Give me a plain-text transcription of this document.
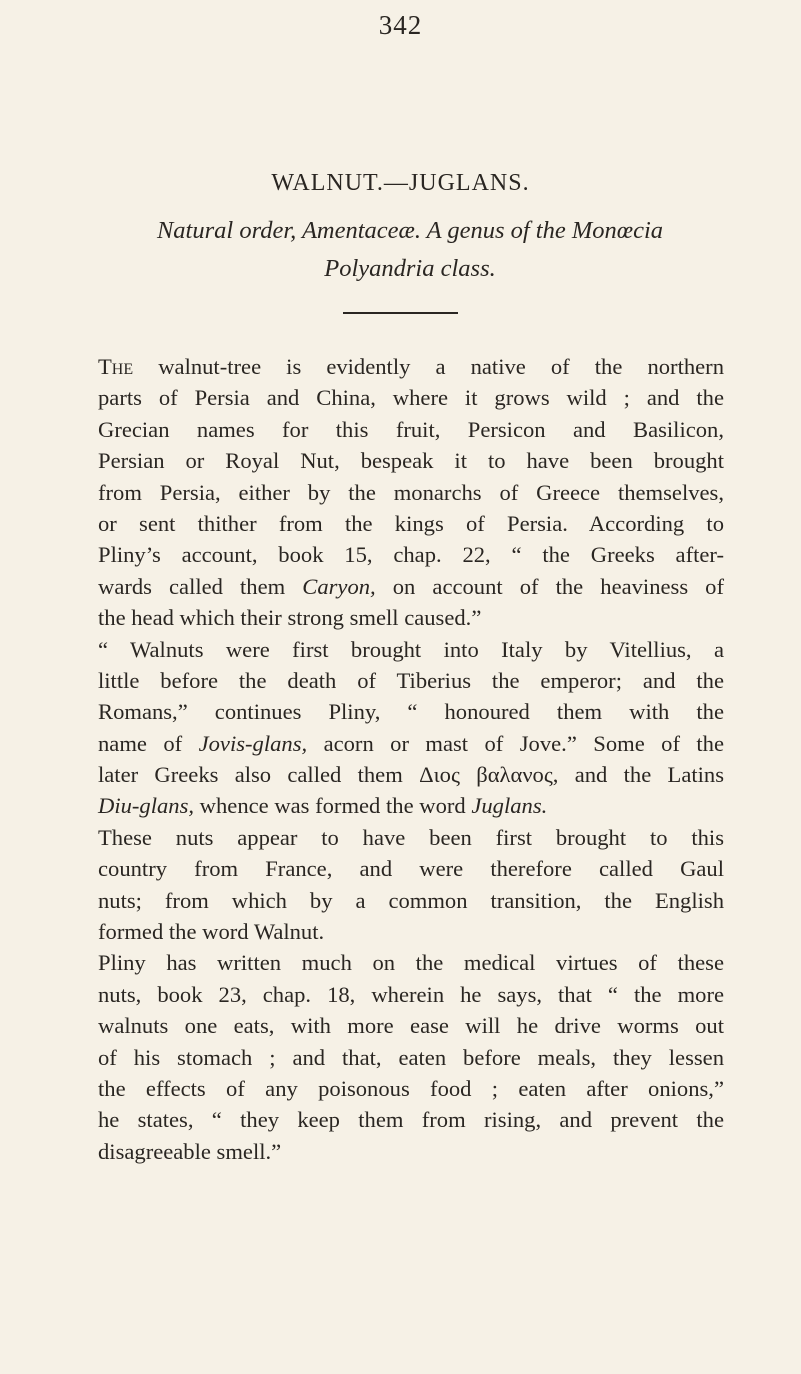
342
WALNUT.—JUGLANS.
Natural order, Amentaceæ. A genus of the Monœcia
Polyandria class.
The walnut-tree is evidently a native of the northern
parts of Persia and China, where it grows wild ; and the
Grecian names for this fruit, Persicon and Basilicon,
Persian or Royal Nut, bespeak it to have been brought
from Persia, either by the monarchs of Greece themselves,
or sent thither from the kings of Persia. According to
Pliny’s account, book 15, chap. 22, “ the Greeks after-
wards called them Caryon, on account of the heaviness of
the head which their strong smell caused.”
“ Walnuts were first brought into Italy by Vitellius, a
little before the death of Tiberius the emperor; and the
Romans,” continues Pliny, “ honoured them with the
name of Jovis-glans, acorn or mast of Jove.” Some of the
later Greeks also called them Διος βαλανος, and the Latins
Diu-glans, whence was formed the word Juglans.
These nuts appear to have been first brought to this
country from France, and were therefore called Gaul
nuts; from which by a common transition, the English
formed the word Walnut.
Pliny has written much on the medical virtues of these
nuts, book 23, chap. 18, wherein he says, that “ the more
walnuts one eats, with more ease will he drive worms out
of his stomach ; and that, eaten before meals, they lessen
the effects of any poisonous food ; eaten after onions,”
he states, “ they keep them from rising, and prevent the
disagreeable smell.”
